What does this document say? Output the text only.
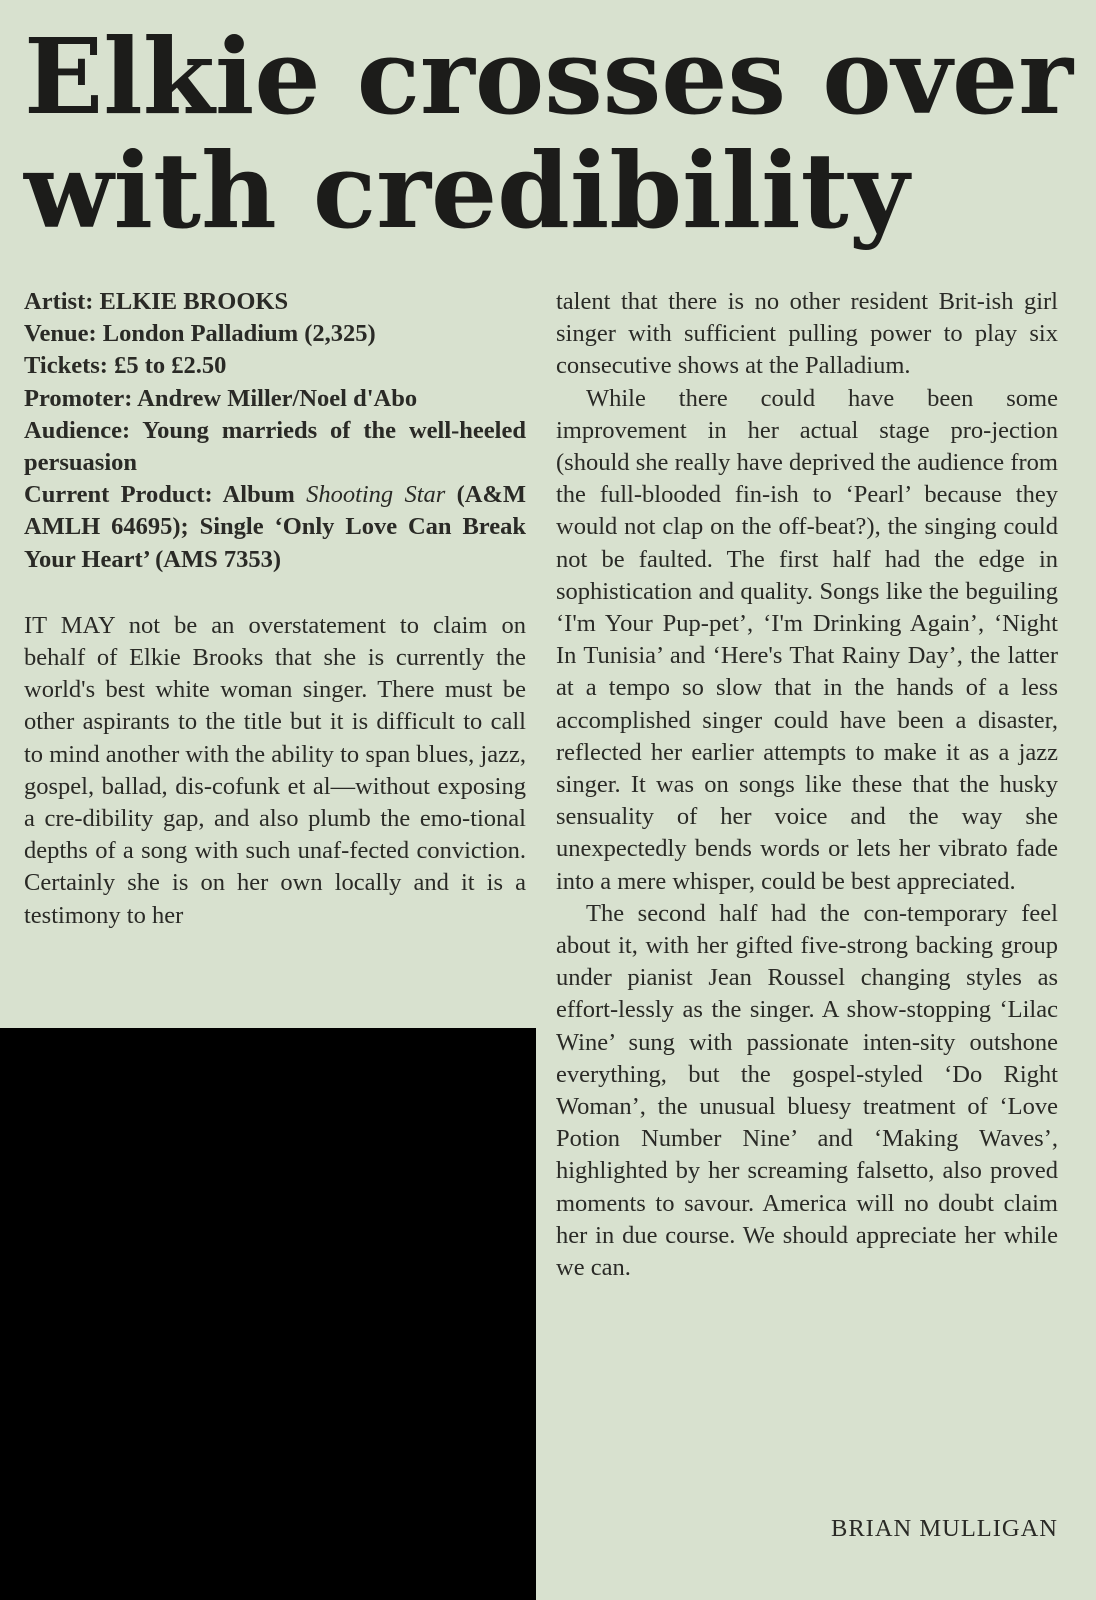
Elkie crosses over with credibility

Artist: ELKIE BROOKS

Venue: London Palladium (2,325)

Tickets: £5 to £2.50

Promoter: Andrew Miller/Noel d'Abo

Audience: Young marrieds of the well-heeled persuasion

Current Product: Album Shooting Star (A&M AMLH 64695); Single ‘Only Love Can Break Your Heart’ (AMS 7353)

IT MAY not be an overstatement to claim on behalf of Elkie Brooks that she is currently the world's best white woman singer. There must be other aspirants to the title but it is difficult to call to mind another with the ability to span blues, jazz, gospel, ballad, dis-cofunk et al—without exposing a cre-dibility gap, and also plumb the emo-tional depths of a song with such unaf-fected conviction. Certainly she is on her own locally and it is a testimony to her

talent that there is no other resident Brit-ish girl singer with sufficient pulling power to play six consecutive shows at the Palladium.

While there could have been some improvement in her actual stage pro-jection (should she really have deprived the audience from the full-blooded fin-ish to ‘Pearl’ because they would not clap on the off-beat?), the singing could not be faulted. The first half had the edge in sophistication and quality. Songs like the beguiling ‘I'm Your Pup-pet’, ‘I'm Drinking Again’, ‘Night In Tunisia’ and ‘Here's That Rainy Day’, the latter at a tempo so slow that in the hands of a less accomplished singer could have been a disaster, reflected her earlier attempts to make it as a jazz singer. It was on songs like these that the husky sensuality of her voice and the way she unexpectedly bends words or lets her vibrato fade into a mere whisper, could be best appreciated.

The second half had the con-temporary feel about it, with her gifted five-strong backing group under pianist Jean Roussel changing styles as effort-lessly as the singer. A show-stopping ‘Lilac Wine’ sung with passionate inten-sity outshone everything, but the gospel-styled ‘Do Right Woman’, the unusual bluesy treatment of ‘Love Potion Number Nine’ and ‘Making Waves’, highlighted by her screaming falsetto, also proved moments to savour. America will no doubt claim her in due course. We should appreciate her while we can.

BRIAN MULLIGAN
